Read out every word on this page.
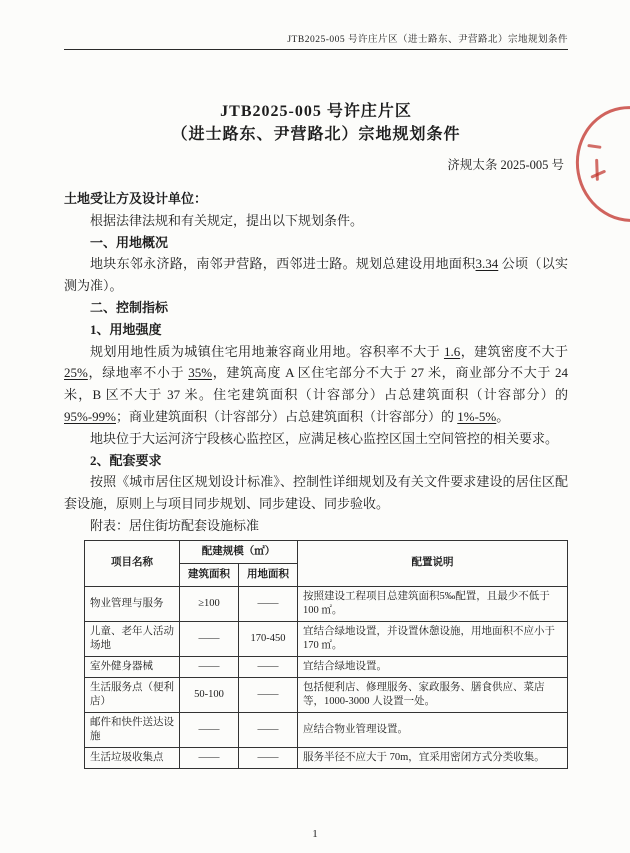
JTB2025-005 号许庄片区（进士路东、尹营路北）宗地规划条件
JTB2025-005 号许庄片区
（进士路东、尹营路北）宗地规划条件
济规太条 2025-005 号

土地受让方及设计单位：

根据法律法规和有关规定，提出以下规划条件。

一、用地概况

地块东邻永济路，南邻尹营路，西邻进士路。规划总建设用地面积3.34 公顷（以实测为准）。

二、控制指标

1、用地强度

规划用地性质为城镇住宅用地兼容商业用地。容积率不大于 1.6，建筑密度不大于 25%，绿地率不小于 35%，建筑高度 A 区住宅部分不大于 27 米，商业部分不大于 24 米，B 区不大于 37 米。住宅建筑面积（计容部分）占总建筑面积（计容部分）的 95%-99%；商业建筑面积（计容部分）占总建筑面积（计容部分）的 1%-5%。

地块位于大运河济宁段核心监控区，应满足核心监控区国土空间管控的相关要求。

2、配套要求

按照《城市居住区规划设计标准》、控制性详细规划及有关文件要求建设的居住区配套设施，原则上与项目同步规划、同步建设、同步验收。

附表：居住街坊配套设施标准

项目名称	配建规模（㎡）		配置说明
	建筑面积	用地面积	
物业管理与服务	≥100	——	按照建设工程项目总建筑面积5‰配置，且最少不低于 100 ㎡。
儿童、老年人活动场地	——	170-450	宜结合绿地设置，并设置休憩设施，用地面积不应小于 170 ㎡。
室外健身器械	——	——	宜结合绿地设置。
生活服务点（便利店）	50-100	——	包括便利店、修理服务、家政服务、膳食供应、菜店等，1000-3000 人设置一处。
邮件和快件送达设施	——	——	应结合物业管理设置。
生活垃圾收集点	——	——	服务半径不应大于 70m，宜采用密闭方式分类收集。
1
